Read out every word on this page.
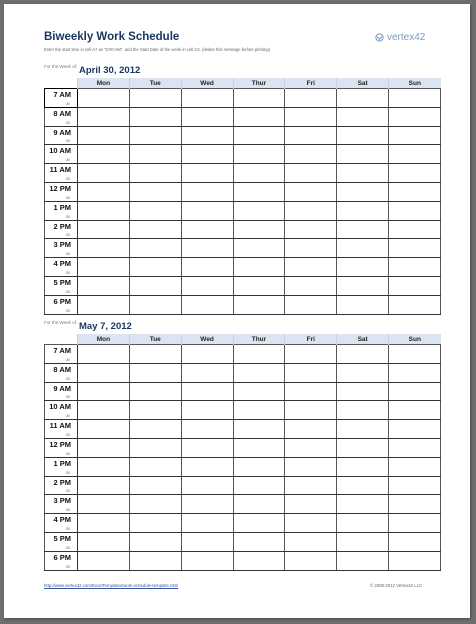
Biweekly Work Schedule	vertex42
Enter the start time in cell A7 as "8:00 AM", and the Start Date of the week in cell C5. (delete this message before printing)
For the Week of: April 30, 2012
	Mon	Tue	Wed	Thur	Fri	Sat	Sun

7 AM
:30							

8 AM
:30							

9 AM
:30							

10 AM
:30							

11 AM
:30							

12 PM
:30							

1 PM
:30							

2 PM
:30							

3 PM
:30							

4 PM
:30							

5 PM
:30							

6 PM
:30							

For the Week of: May 7, 2012
	Mon	Tue	Wed	Thur	Fri	Sat	Sun

7 AM
:30							

8 AM
:30							

9 AM
:30							

10 AM
:30							

11 AM
:30							

12 PM
:30							

1 PM
:30							

2 PM
:30							

3 PM
:30							

4 PM
:30							

5 PM
:30							

6 PM
:30							

http://www.vertex42.com/ExcelTemplates/work-schedule-template.html	© 2008-2012 Vertex42 LLC
